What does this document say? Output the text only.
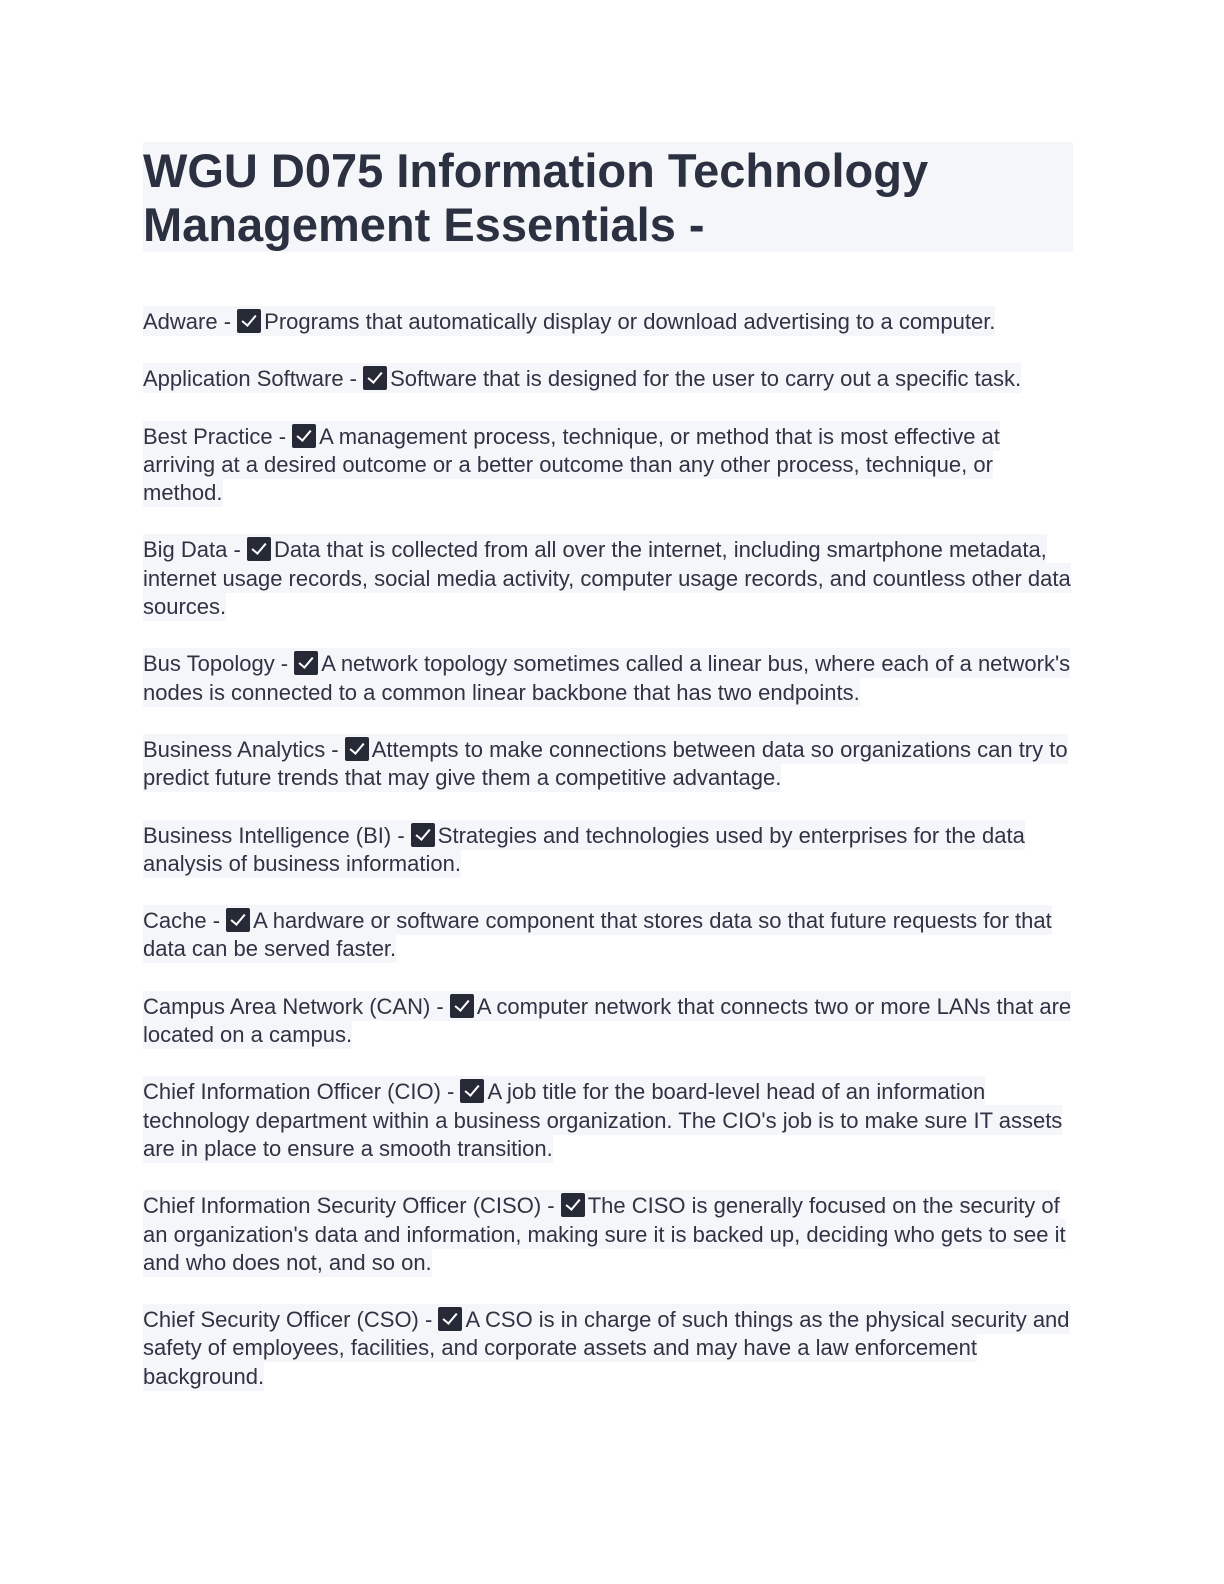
WGU D075 Information Technology Management Essentials -

Adware - Programs that automatically display or download advertising to a computer.

Application Software - Software that is designed for the user to carry out a specific task.

Best Practice - A management process, technique, or method that is most effective at arriving at a desired outcome or a better outcome than any other process, technique, or method.

Big Data - Data that is collected from all over the internet, including smartphone metadata, internet usage records, social media activity, computer usage records, and countless other data sources.

Bus Topology - A network topology sometimes called a linear bus, where each of a network's nodes is connected to a common linear backbone that has two endpoints.

Business Analytics - Attempts to make connections between data so organizations can try to predict future trends that may give them a competitive advantage.

Business Intelligence (BI) - Strategies and technologies used by enterprises for the data analysis of business information.

Cache - A hardware or software component that stores data so that future requests for that data can be served faster.

Campus Area Network (CAN) - A computer network that connects two or more LANs that are located on a campus.

Chief Information Officer (CIO) - A job title for the board-level head of an information technology department within a business organization. The CIO's job is to make sure IT assets are in place to ensure a smooth transition.

Chief Information Security Officer (CISO) - The CISO is generally focused on the security of an organization's data and information, making sure it is backed up, deciding who gets to see it and who does not, and so on.

Chief Security Officer (CSO) - A CSO is in charge of such things as the physical security and safety of employees, facilities, and corporate assets and may have a law enforcement background.
